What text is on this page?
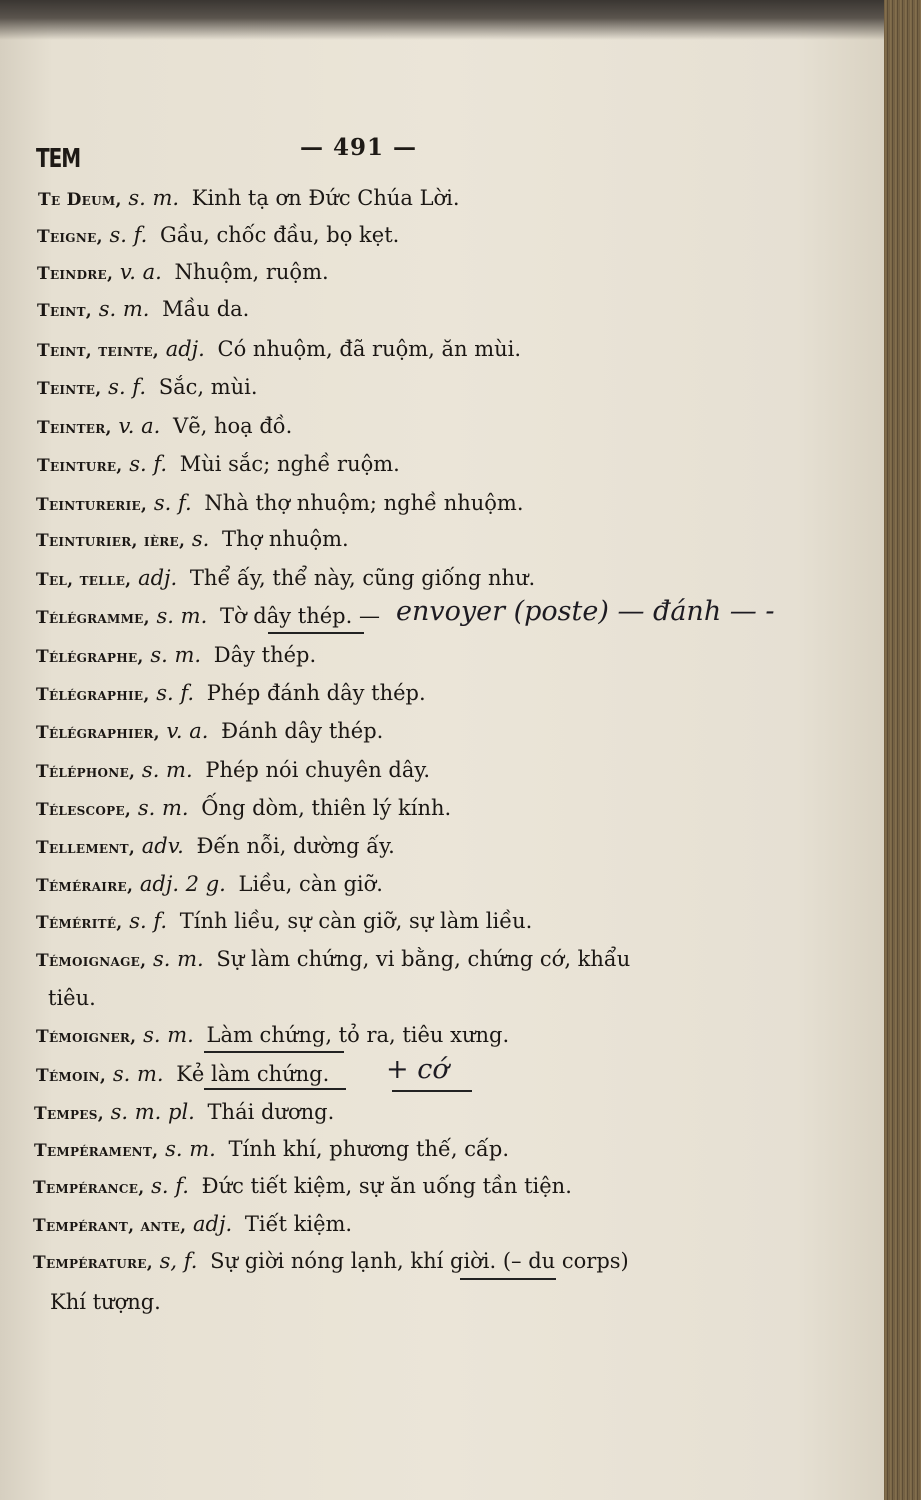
TEM	— 491 —
Te Deum, s. m. Kinh tạ ơn Đức Chúa Lời.
Teigne, s. f. Gầu, chốc đầu, bọ kẹt.
Teindre, v. a. Nhuộm, ruộm.
Teint, s. m. Mầu da.
Teint, teinte, adj. Có nhuộm, đã ruộm, ăn mùi.
Teinte, s. f. Sắc, mùi.
Teinter, v. a. Vẽ, hoạ đồ.
Teinture, s. f. Mùi sắc; nghề ruộm.
Teinturerie, s. f. Nhà thợ nhuộm; nghề nhuộm.
Teinturier, ière, s. Thợ nhuộm.
Tel, telle, adj. Thể ấy, thể này, cũng giống như.
Télégramme, s. m. Tờ dây thép. —
Télégraphe, s. m. Dây thép.
Télégraphie, s. f. Phép đánh dây thép.
Télégraphier, v. a. Đánh dây thép.
Téléphone, s. m. Phép nói chuyên dây.
Télescope, s. m. Ống dòm, thiên lý kính.
Tellement, adv. Đến nỗi, dường ấy.
Téméraire, adj. 2 g. Liều, càn giỡ.
Témérité, s. f. Tính liều, sự càn giỡ, sự làm liều.
Témoignage, s. m. Sự làm chứng, vi bằng, chứng cớ, khẩu
tiêu.
Témoigner, s. m. Làm chứng, tỏ ra, tiêu xưng.
Témoin, s. m. Kẻ làm chứng.
Tempes, s. m. pl. Thái dương.
Tempérament, s. m. Tính khí, phương thế, cấp.
Tempérance, s. f. Đức tiết kiệm, sự ăn uống tần tiện.
Tempérant, ante, adj. Tiết kiệm.
Température, s, f. Sự giời nóng lạnh, khí giời. (– du corps)
Khí tượng.
envoyer (poste) — đánh — -
+ cớ
